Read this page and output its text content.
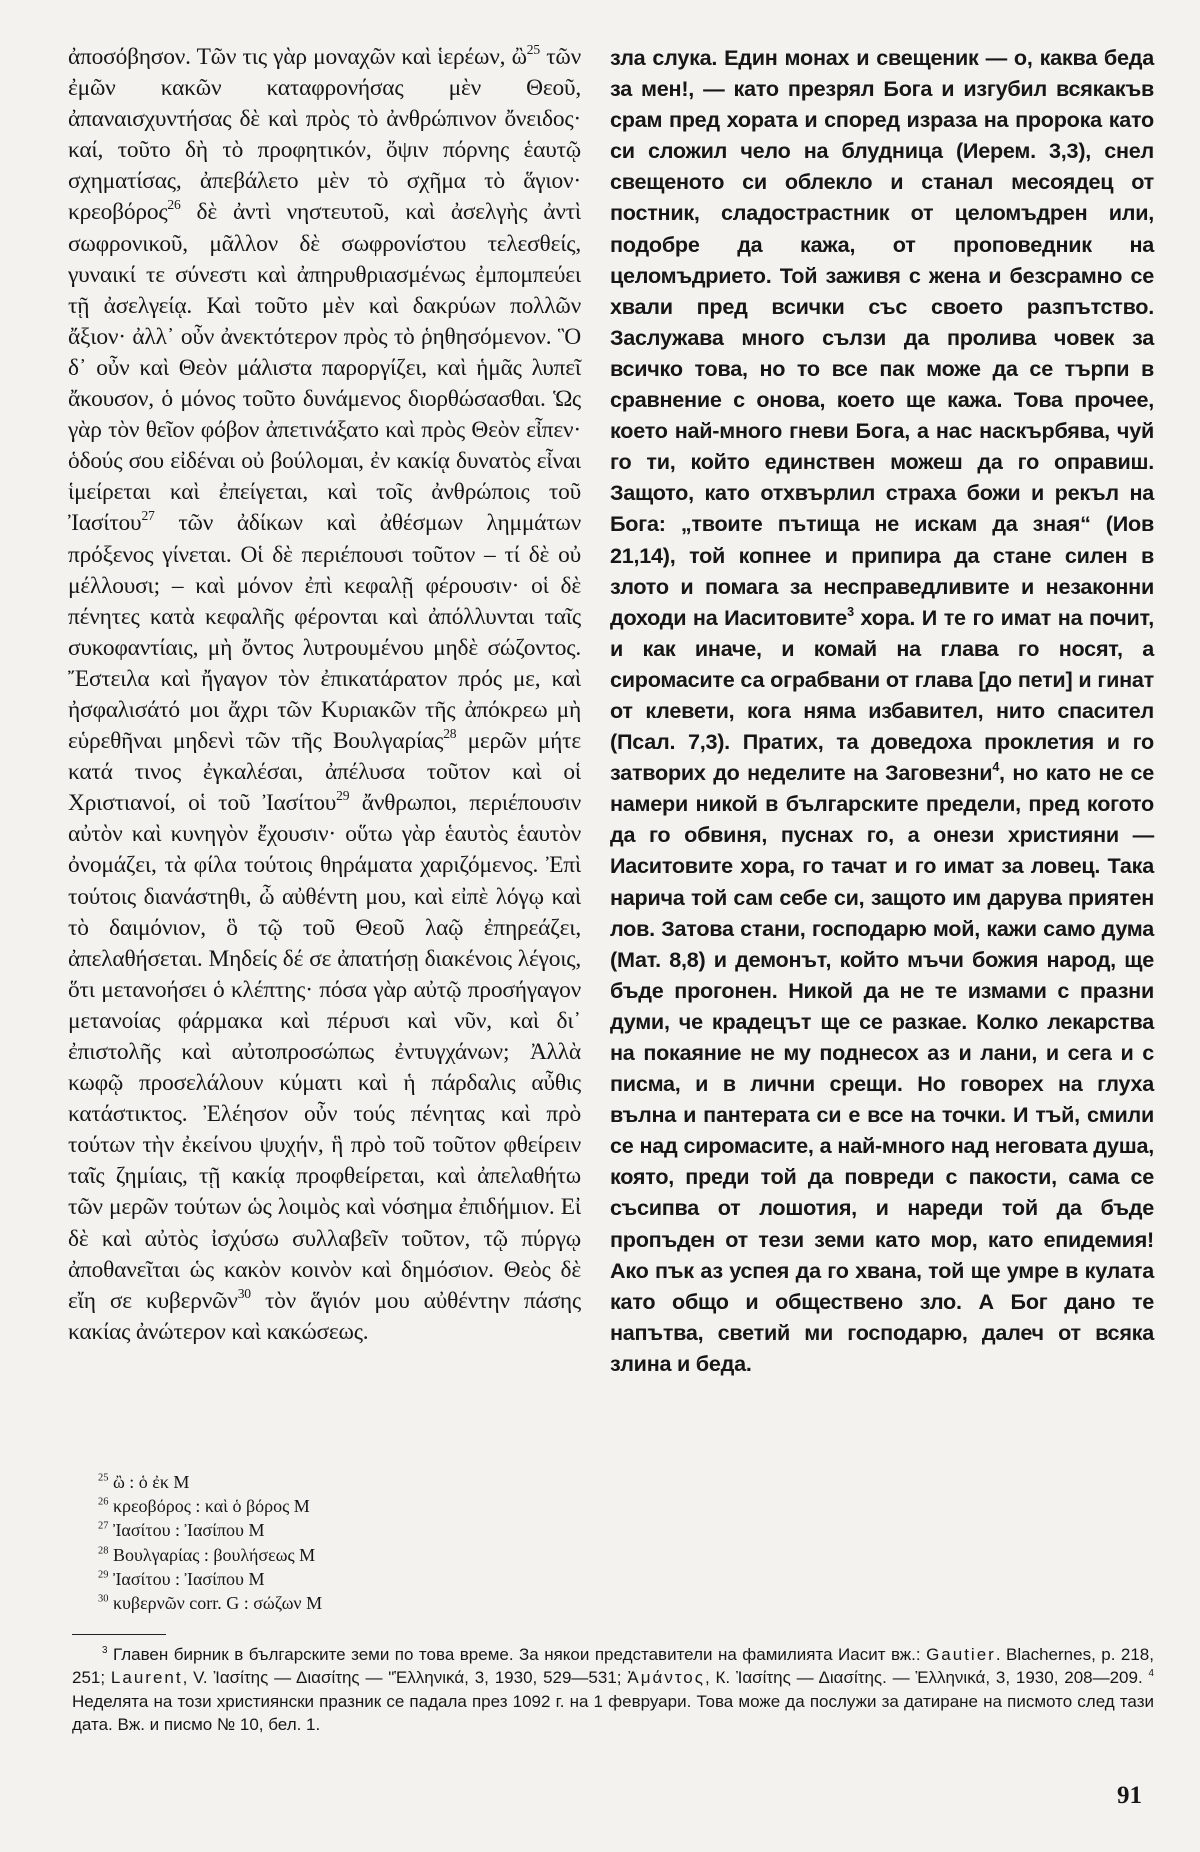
ἀποσόβησον. Τῶν τις γὰρ μοναχῶν καὶ ἱερέων, ὢ$^{25}$ τῶν ἐμῶν κακῶν καταφρονήσας μὲν Θεοῦ, ἀπαναισχυντήσας δὲ καὶ πρὸς τὸ ἀνθρώπινον ὄνειδος· καί, τοῦτο δὴ τὸ προφητικόν, ὄψιν πόρνης ἑαυτῷ σχηματίσας, ἀπεβάλετο μὲν τὸ σχῆμα τὸ ἅγιον· κρεοβόρος$^{26}$ δὲ ἀντὶ νηστευτοῦ, καὶ ἀσελγὴς ἀντὶ σωφρονικοῦ, μᾶλλον δὲ σωφρονίστου τελεσθείς, γυναικί τε σύνεστι καὶ ἀπηρυθριασμένως ἐμπομπεύει τῇ ἀσελγείᾳ. Καὶ τοῦτο μὲν καὶ δακρύων πολλῶν ἄξιον· ἀλλ᾽ οὖν ἀνεκτότερον πρὸς τὸ ῥηθησόμενον. Ὃ δ᾽ οὖν καὶ Θεὸν μάλιστα παροργίζει, καὶ ἡμᾶς λυπεῖ ἄκουσον, ὁ μόνος τοῦτο δυνάμενος διορθώσασθαι. Ὡς γὰρ τὸν θεῖον φόβον ἀπετινάξατο καὶ πρὸς Θεὸν εἶπεν· ὁδούς σου εἰδέναι οὐ βούλομαι, ἐν κακίᾳ δυνατὸς εἶναι ἱμείρεται καὶ ἐπείγεται, καὶ τοῖς ἀνθρώποις τοῦ Ἰασίτου$^{27}$ τῶν ἀδίκων καὶ ἀθέσμων λημμάτων πρόξενος γίνεται. Οἱ δὲ περιέπουσι τοῦτον – τί δὲ οὐ μέλλουσι; – καὶ μόνον ἐπὶ κεφαλῇ φέρουσιν· οἱ δὲ πένητες κατὰ κεφαλῆς φέρονται καὶ ἀπόλλυνται ταῖς συκοφαντίαις, μὴ ὄντος λυτρουμένου μηδὲ σώζοντος. Ἔστειλα καὶ ἤγαγον τὸν ἐπικατάρατον πρός με, καὶ ἠσφαλισάτό μοι ἄχρι τῶν Κυριακῶν τῆς ἀπόκρεω μὴ εὑρεθῆναι μηδενὶ τῶν τῆς Βουλγαρίας$^{28}$ μερῶν μήτε κατά τινος ἐγκαλέσαι, ἀπέλυσα τοῦτον καὶ οἱ Χριστιανοί, οἱ τοῦ Ἰασίτου$^{29}$ ἄνθρωποι, περιέπουσιν αὐτὸν καὶ κυνηγὸν ἔχουσιν· οὕτω γὰρ ἑαυτὸς ἑαυτὸν ὀνομάζει, τὰ φίλα τούτοις θηράματα χαριζόμενος. Ἐπὶ τούτοις διανάστηθι, ὦ αὐθέντη μου, καὶ εἰπὲ λόγῳ καὶ τὸ δαιμόνιον, ὃ τῷ τοῦ Θεοῦ λαῷ ἐπηρεάζει, ἀπελαθήσεται. Μηδείς δέ σε ἀπατήσῃ διακένοις λέγοις, ὅτι μετανοήσει ὁ κλέπτης· πόσα γὰρ αὐτῷ προσήγαγον μετανοίας φάρμακα καὶ πέρυσι καὶ νῦν, καὶ δι᾽ ἐπιστολῆς καὶ αὐτοπροσώπως ἐντυγχάνων; Ἀλλὰ κωφῷ προσελάλουν κύματι καὶ ἡ πάρδαλις αὖθις κατάστικτος. Ἐλέησον οὖν τούς πένητας καὶ πρὸ τούτων τὴν ἐκείνου ψυχήν, ἣ πρὸ τοῦ τοῦτον φθείρειν ταῖς ζημίαις, τῇ κακίᾳ προφθείρεται, καὶ ἀπελαθήτω τῶν μερῶν τούτων ὡς λοιμὸς καὶ νόσημα ἐπιδήμιον. Εἰ δὲ καὶ αὐτὸς ἰσχύσω συλλαβεῖν τοῦτον, τῷ πύργῳ ἀποθανεῖται ὡς κακὸν κοινὸν καὶ δημόσιον. Θεὸς δὲ εἴη σε κυβερνῶν$^{30}$ τὸν ἅγιόν μου αὐθέντην πάσης κακίας ἀνώτερον καὶ κακώσεως.

зла слука. Един монах и свещеник — о, каква беда за мен!, — като презрял Бога и изгубил всякакъв срам пред хората и според израза на пророка като си сложил чело на блудница (Иерем. 3,3), снел свещеното си облекло и станал месоядец от постник, сладострастник от целомъдрен или, подобре да кажа, от проповедник на целомъдрието. Той заживя с жена и безсрамно се хвали пред всички със своето разпътство. Заслужава много сълзи да пролива човек за всичко това, но то все пак може да се търпи в сравнение с онова, което ще кажа. Това прочее, което най-много гневи Бога, а нас наскърбява, чуй го ти, който единствен можеш да го оправиш. Защото, като отхвърлил страха божи и рекъл на Бога: „твоите пътища не искам да зная“ (Иов 21,14), той копнее и припира да стане силен в злото и помага за несправедливите и незаконни доходи на Иаситовите$^3$ хора. И те го имат на почит, и как иначе, и комай на глава го носят, а сиромасите са ограбвани от глава [до пети] и гинат от клевети, кога няма избавител, нито спасител (Псал. 7,3). Пратих, та доведоха проклетия и го затворих до неделите на Заговезни$^4$, но като не се намери никой в българските предели, пред когото да го обвиня, пуснах го, а онези християни — Иаситовите хора, го тачат и го имат за ловец. Така нарича той сам себе си, защото им дарува приятен лов. Затова стани, господарю мой, кажи само дума (Мат. 8,8) и демонът, който мъчи божия народ, ще бъде прогонен. Никой да не те измами с празни думи, че крадецът ще се разкае. Колко лекарства на покаяние не му поднесох аз и лани, и сега и с писма, и в лични срещи. Но говорех на глуха вълна и пантерата си е все на точки. И тъй, смили се над сиромасите, а най-много над неговата душа, която, преди той да повреди с пакости, сама се съсипва от лошотия, и нареди той да бъде пропъден от тези земи като мор, като епидемия! Ако пък аз успея да го хвана, той ще умре в кулата като общо и обществено зло. А Бог дано те напътва, светий ми господарю, далеч от всяка злина и беда.

$^{25}$ ὢ : ὁ ἐκ M
$^{26}$ κρεοβόρος : καὶ ὁ βόρος M
$^{27}$ Ἰασίτου : Ἰασίπου M
$^{28}$ Βουλγαρίας : βουλήσεως M
$^{29}$ Ἰασίτου : Ἰασίπου M
$^{30}$ κυβερνῶν corr. G : σώζων M

$^3$ Главен бирник в българските земи по това време. За някои представители на фамилията Иасит вж.: Gautier. Blachernes, p. 218, 251; Laurent, V. Ἰασίτης — Διασίτης — "Ἑλληνικά, 3, 1930, 529—531; Ἀμάντος, К. Ἰασίτης — Διασίτης. — Ἑλληνικά, 3, 1930, 208—209. $^4$ Неделята на този християнски празник се падала през 1092 г. на 1 февруари. Това може да послужи за датиране на писмото след тази дата. Вж. и писмо № 10, бел. 1.

91
